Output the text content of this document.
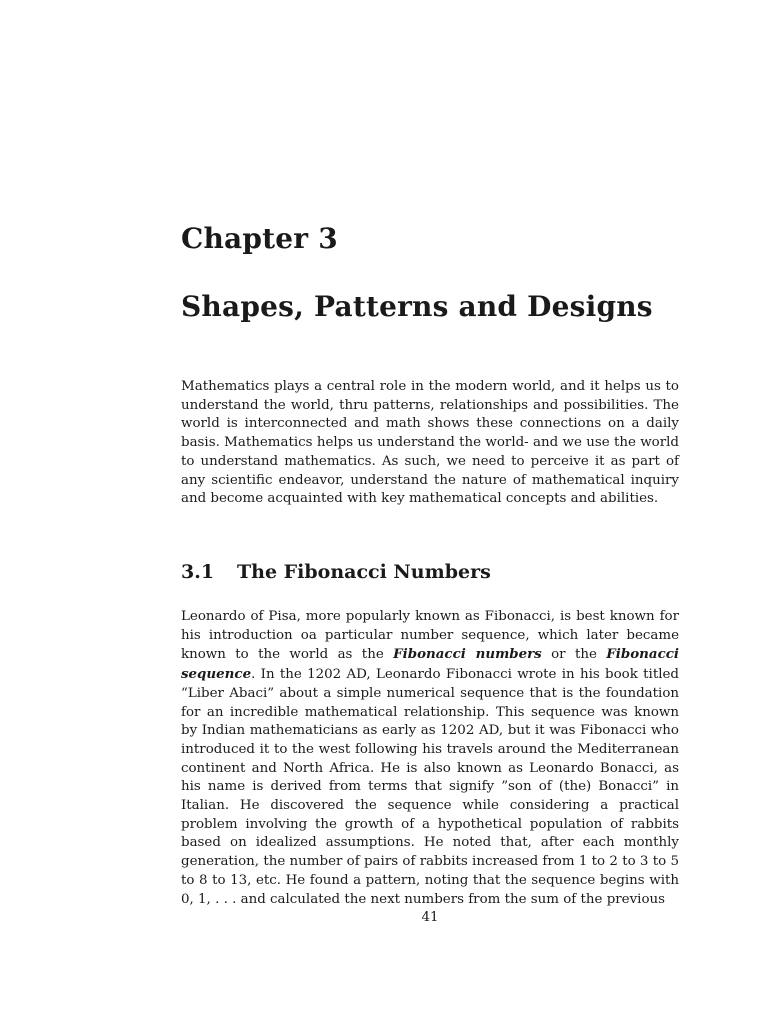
Chapter 3
Shapes, Patterns and Designs

Mathematics plays a central role in the modern world, and it helps us to understand the world, thru patterns, relationships and possibilities. The world is interconnected and math shows these connections on a daily basis. Mathematics helps us understand the world- and we use the world to understand mathematics. As such, we need to perceive it as part of any scientific endeavor, understand the nature of mathematical inquiry and become acquainted with key mathematical concepts and abilities.

3.1 The Fibonacci Numbers

Leonardo of Pisa, more popularly known as Fibonacci, is best known for his introduction oa particular number sequence, which later became known to the world as the Fibonacci numbers or the Fibonacci sequence. In the 1202 AD, Leonardo Fibonacci wrote in his book titled “Liber Abaci” about a simple numerical sequence that is the foundation for an incredible mathematical relationship. This sequence was known by Indian mathematicians as early as 1202 AD, but it was Fibonacci who introduced it to the west following his travels around the Mediterranean continent and North Africa. He is also known as Leonardo Bonacci, as his name is derived from terms that signify ”son of (the) Bonacci” in Italian. He discovered the sequence while considering a practical problem involving the growth of a hypothetical population of rabbits based on idealized assumptions. He noted that, after each monthly generation, the number of pairs of rabbits increased from 1 to 2 to 3 to 5 to 8 to 13, etc. He found a pattern, noting that the sequence begins with 0, 1, . . . and calculated the next numbers from the sum of the previous

41
